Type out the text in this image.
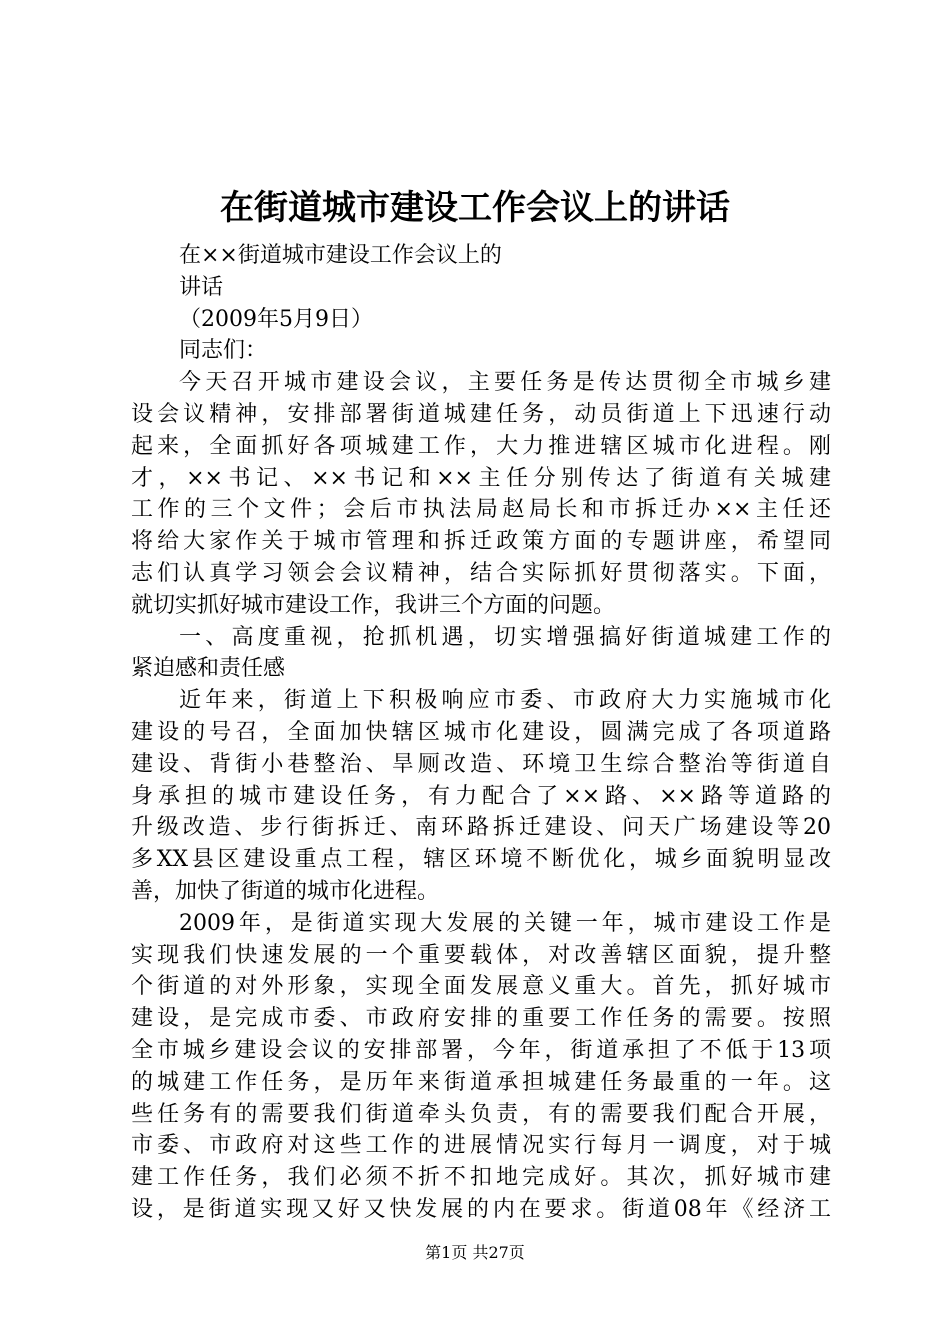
在街道城市建设工作会议上的讲话
在××街道城市建设工作会议上的
讲话
（2009年5月9日）
同志们：
今天召开城市建设会议，主要任务是传达贯彻全市城乡建
设会议精神，安排部署街道城建任务，动员街道上下迅速行动
起来，全面抓好各项城建工作，大力推进辖区城市化进程。刚
才，××书记、××书记和××主任分别传达了街道有关城建
工作的三个文件；会后市执法局赵局长和市拆迁办××主任还
将给大家作关于城市管理和拆迁政策方面的专题讲座，希望同
志们认真学习领会会议精神，结合实际抓好贯彻落实。下面，
就切实抓好城市建设工作，我讲三个方面的问题。
一、高度重视，抢抓机遇，切实增强搞好街道城建工作的
紧迫感和责任感
近年来，街道上下积极响应市委、市政府大力实施城市化
建设的号召，全面加快辖区城市化建设，圆满完成了各项道路
建设、背街小巷整治、旱厕改造、环境卫生综合整治等街道自
身承担的城市建设任务，有力配合了××路、××路等道路的
升级改造、步行街拆迁、南环路拆迁建设、问天广场建设等20
多XX县区建设重点工程，辖区环境不断优化，城乡面貌明显改
善，加快了街道的城市化进程。
2009年，是街道实现大发展的关键一年，城市建设工作是
实现我们快速发展的一个重要载体，对改善辖区面貌，提升整
个街道的对外形象，实现全面发展意义重大。首先，抓好城市
建设，是完成市委、市政府安排的重要工作任务的需要。按照
全市城乡建设会议的安排部署，今年，街道承担了不低于13项
的城建工作任务，是历年来街道承担城建任务最重的一年。这
些任务有的需要我们街道牵头负责，有的需要我们配合开展，
市委、市政府对这些工作的进展情况实行每月一调度，对于城
建工作任务，我们必须不折不扣地完成好。其次，抓好城市建
设，是街道实现又好又快发展的内在要求。街道08年《经济工
第1页 共27页
